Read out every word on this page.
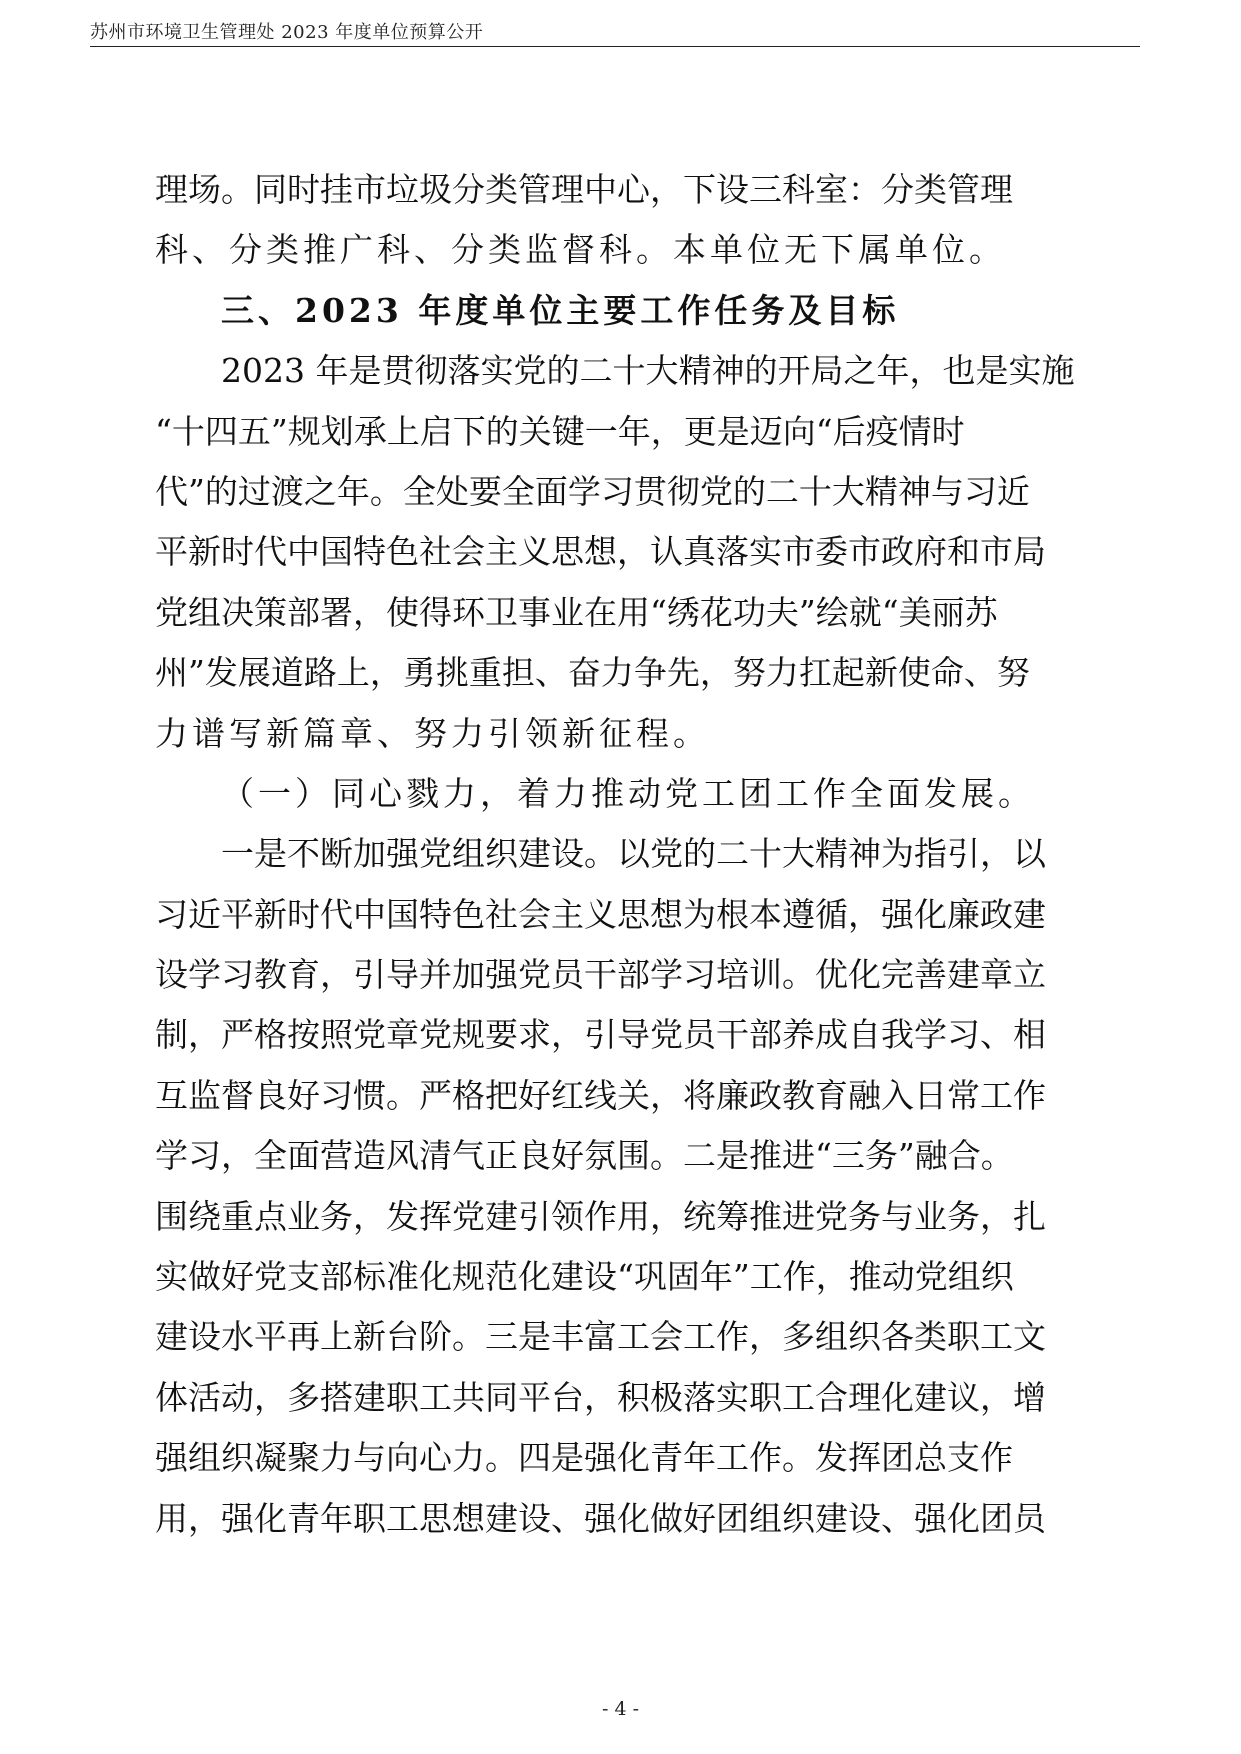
苏州市环境卫生管理处 2023 年度单位预算公开
理场。同时挂市垃圾分类管理中心，下设三科室：分类管理
科、分类推广科、分类监督科。本单位无下属单位。
三、2023 年度单位主要工作任务及目标
2023 年是贯彻落实党的二十大精神的开局之年，也是实施
“十四五”规划承上启下的关键一年，更是迈向“后疫情时
代”的过渡之年。全处要全面学习贯彻党的二十大精神与习近
平新时代中国特色社会主义思想，认真落实市委市政府和市局
党组决策部署，使得环卫事业在用“绣花功夫”绘就“美丽苏
州”发展道路上，勇挑重担、奋力争先，努力扛起新使命、努
力谱写新篇章、努力引领新征程。
（一）同心戮力，着力推动党工团工作全面发展。
一是不断加强党组织建设。以党的二十大精神为指引，以
习近平新时代中国特色社会主义思想为根本遵循，强化廉政建
设学习教育，引导并加强党员干部学习培训。优化完善建章立
制，严格按照党章党规要求，引导党员干部养成自我学习、相
互监督良好习惯。严格把好红线关，将廉政教育融入日常工作
学习，全面营造风清气正良好氛围。二是推进“三务”融合。
围绕重点业务，发挥党建引领作用，统筹推进党务与业务，扎
实做好党支部标准化规范化建设“巩固年”工作，推动党组织
建设水平再上新台阶。三是丰富工会工作，多组织各类职工文
体活动，多搭建职工共同平台，积极落实职工合理化建议，增
强组织凝聚力与向心力。四是强化青年工作。发挥团总支作
用，强化青年职工思想建设、强化做好团组织建设、强化团员
- 4 -
